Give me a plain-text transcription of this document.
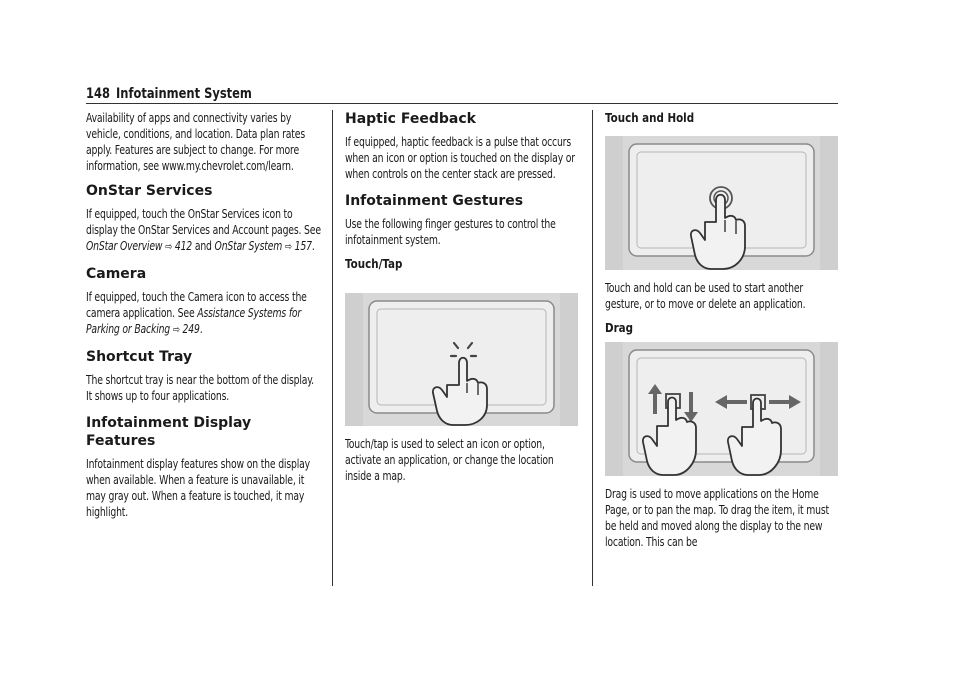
148 Infotainment System

Availability of apps and connectivity varies by vehicle, conditions, and location. Data plan rates apply. Features are subject to change. For more information, see www.my.chevrolet.com/learn.

OnStar Services

If equipped, touch the OnStar Services icon to display the OnStar Services and Account pages. See OnStar Overview ⇨ 412 and OnStar System ⇨ 157.

Camera

If equipped, touch the Camera icon to access the camera application. See Assistance Systems for Parking or Backing ⇨ 249.

Shortcut Tray

The shortcut tray is near the bottom of the display. It shows up to four applications.

Infotainment Display Features

Infotainment display features show on the display when available. When a feature is unavailable, it may gray out. When a feature is touched, it may highlight.

Haptic Feedback

If equipped, haptic feedback is a pulse that occurs when an icon or option is touched on the display or when controls on the center stack are pressed.

Infotainment Gestures

Use the following finger gestures to control the infotainment system.

Touch/Tap

Touch/tap is used to select an icon or option, activate an application, or change the location inside a map.

Touch and Hold

Touch and hold can be used to start another gesture, or to move or delete an application.

Drag

Drag is used to move applications on the Home Page, or to pan the map. To drag the item, it must be held and moved along the display to the new location. This can be
